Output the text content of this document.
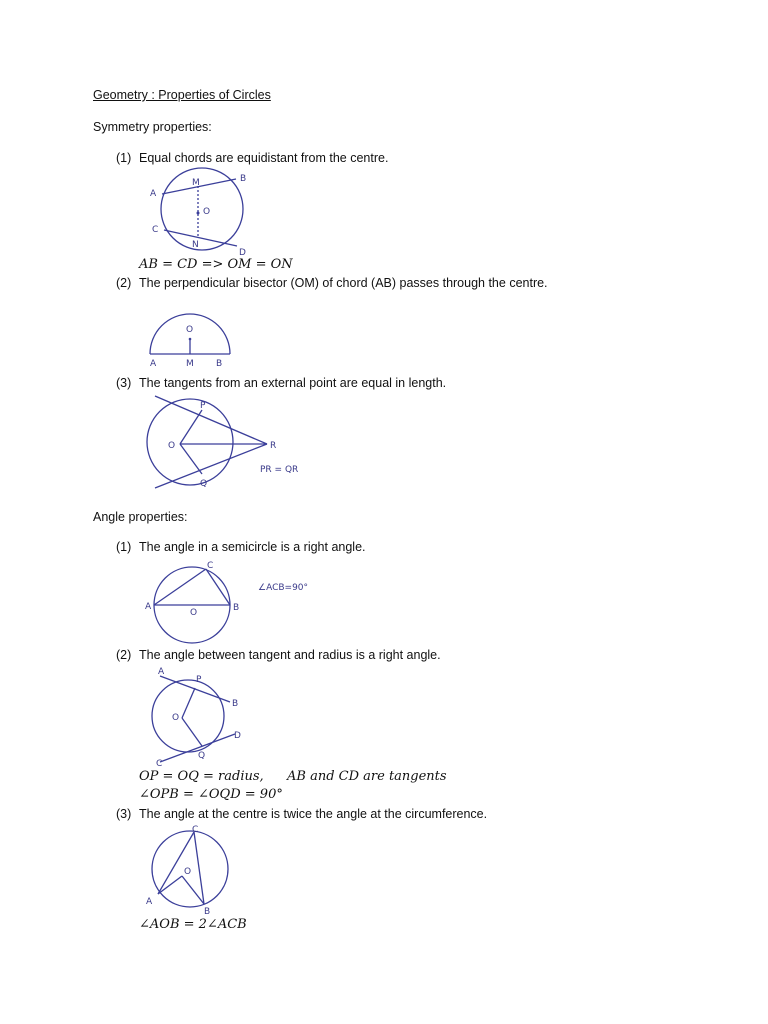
Geometry : Properties of Circles
Symmetry properties:
(1) Equal chords are equidistant from the centre.
A
B
C
D
M
N
O
AB = CD => OM = ON
(2) The perpendicular bisector (OM) of chord (AB) passes through the centre.
O
A	M B
(3) The tangents from an external point are equal in length.
P
Q
O	R
PR = QR
Angle properties:
(1) The angle in a semicircle is a right angle.
A	B
C
O
∠ACB=90°
(2) The angle between tangent and radius is a right angle.
A
P
B
O
D
Q
C
OP = OQ = radius, AB and CD are tangents
∠OPB = ∠OQD = 90°
(3) The angle at the centre is twice the angle at the circumference.
C
A
B
O
∠AOB = 2∠ACB
